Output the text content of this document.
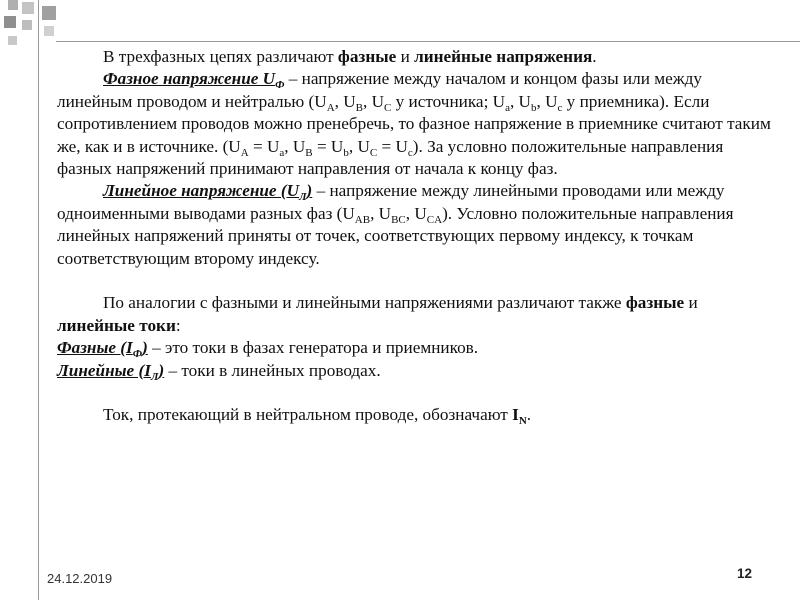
В трехфазных цепях различают фазные и линейные напряжения.

Фазное напряжение $U_Ф$ – напряжение между началом и концом фазы или между линейным проводом и нейтралью ($U_A$, $U_B$, $U_C$ у источника; $U_a$, $U_b$, $U_c$ у приемника). Если сопротивлением проводов можно пренебречь, то фазное напряжение в приемнике считают таким же, как и в источнике. ($U_A = U_a$, $U_B = U_b$, $U_C = U_c$). За условно положительные направления фазных напряжений принимают направления от начала к концу фаз.

Линейное напряжение $(U_Л)$ – напряжение между линейными проводами или между одноименными выводами разных фаз ($U_{AB}$, $U_{BC}$, $U_{CA}$). Условно положительные направления линейных напряжений приняты от точек, соответствующих первому индексу, к точкам соответствующим второму индексу.

По аналогии с фазными и линейными напряжениями различают также фазные и линейные токи:

Фазные $(I_Ф)$ – это токи в фазах генератора и приемников.

Линейные $(I_Л)$ – токи в линейных проводах.

Ток, протекающий в нейтральном проводе, обозначают $I_N$.

24.12.2019	12
